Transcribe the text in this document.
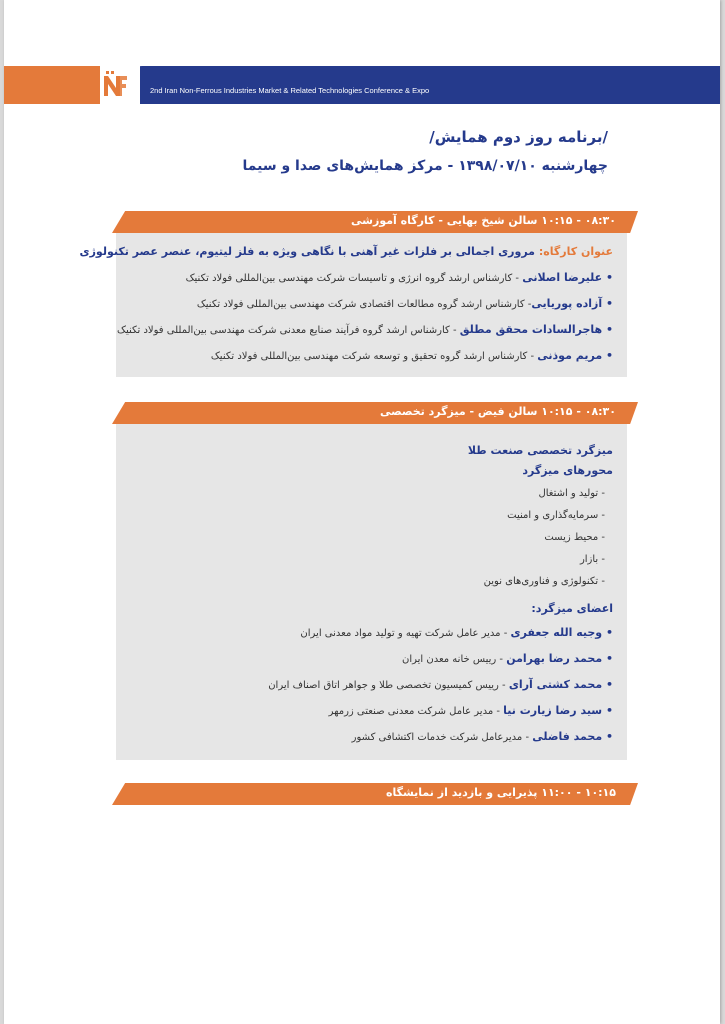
2nd Iran Non-Ferrous Industries Market & Related Technologies Conference & Expo
/برنامه روز دوم همایش/
چهارشنبه ۱۳۹۸/۰۷/۱۰ - مرکز همایش‌های صدا و سیما
۰۸:۳۰ - ۱۰:۱۵ سالن شیخ بهایی - کارگاه آموزشی
عنوان کارگاه: مروری اجمالی بر فلزات غیر آهنی با نگاهی ویژه به فلز لیتیوم، عنصر عصر تکنولوژی
• علیرضا اصلانی - کارشناس ارشد گروه انرژی و تاسیسات شرکت مهندسی بین‌المللی فولاد تکنیک
• آزاده پوریایی- کارشناس ارشد گروه مطالعات اقتصادی شرکت مهندسی بین‌المللی فولاد تکنیک
• هاجرالسادات محقق مطلق - کارشناس ارشد گروه فرآیند صنایع معدنی شرکت مهندسی بین‌المللی فولاد تکنیک
• مریم موذنی - کارشناس ارشد گروه تحقیق و توسعه شرکت مهندسی بین‌المللی فولاد تکنیک
۰۸:۳۰ - ۱۰:۱۵ سالن فیض - میزگرد تخصصی
میزگرد تخصصی صنعت طلا
محورهای میزگرد
- تولید و اشتغال
- سرمایه‌گذاری و امنیت
- محیط زیست
- بازار
- تکنولوژی و فناوری‌های نوین
اعضای میزگرد:
• وجیه الله جعفری - مدیر عامل شرکت تهیه و تولید مواد معدنی ایران
• محمد رضا بهرامن - رییس خانه معدن ایران
• محمد کشتی آرای - رییس کمیسیون تخصصی طلا و جواهر اتاق اصناف ایران
• سید رضا زیارت نیا - مدیر عامل شرکت معدنی صنعتی زرمهر
• محمد فاضلی - مدیرعامل شرکت خدمات اکتشافی کشور
۱۰:۱۵ - ۱۱:۰۰ پذیرایی و بازدید از نمایشگاه
